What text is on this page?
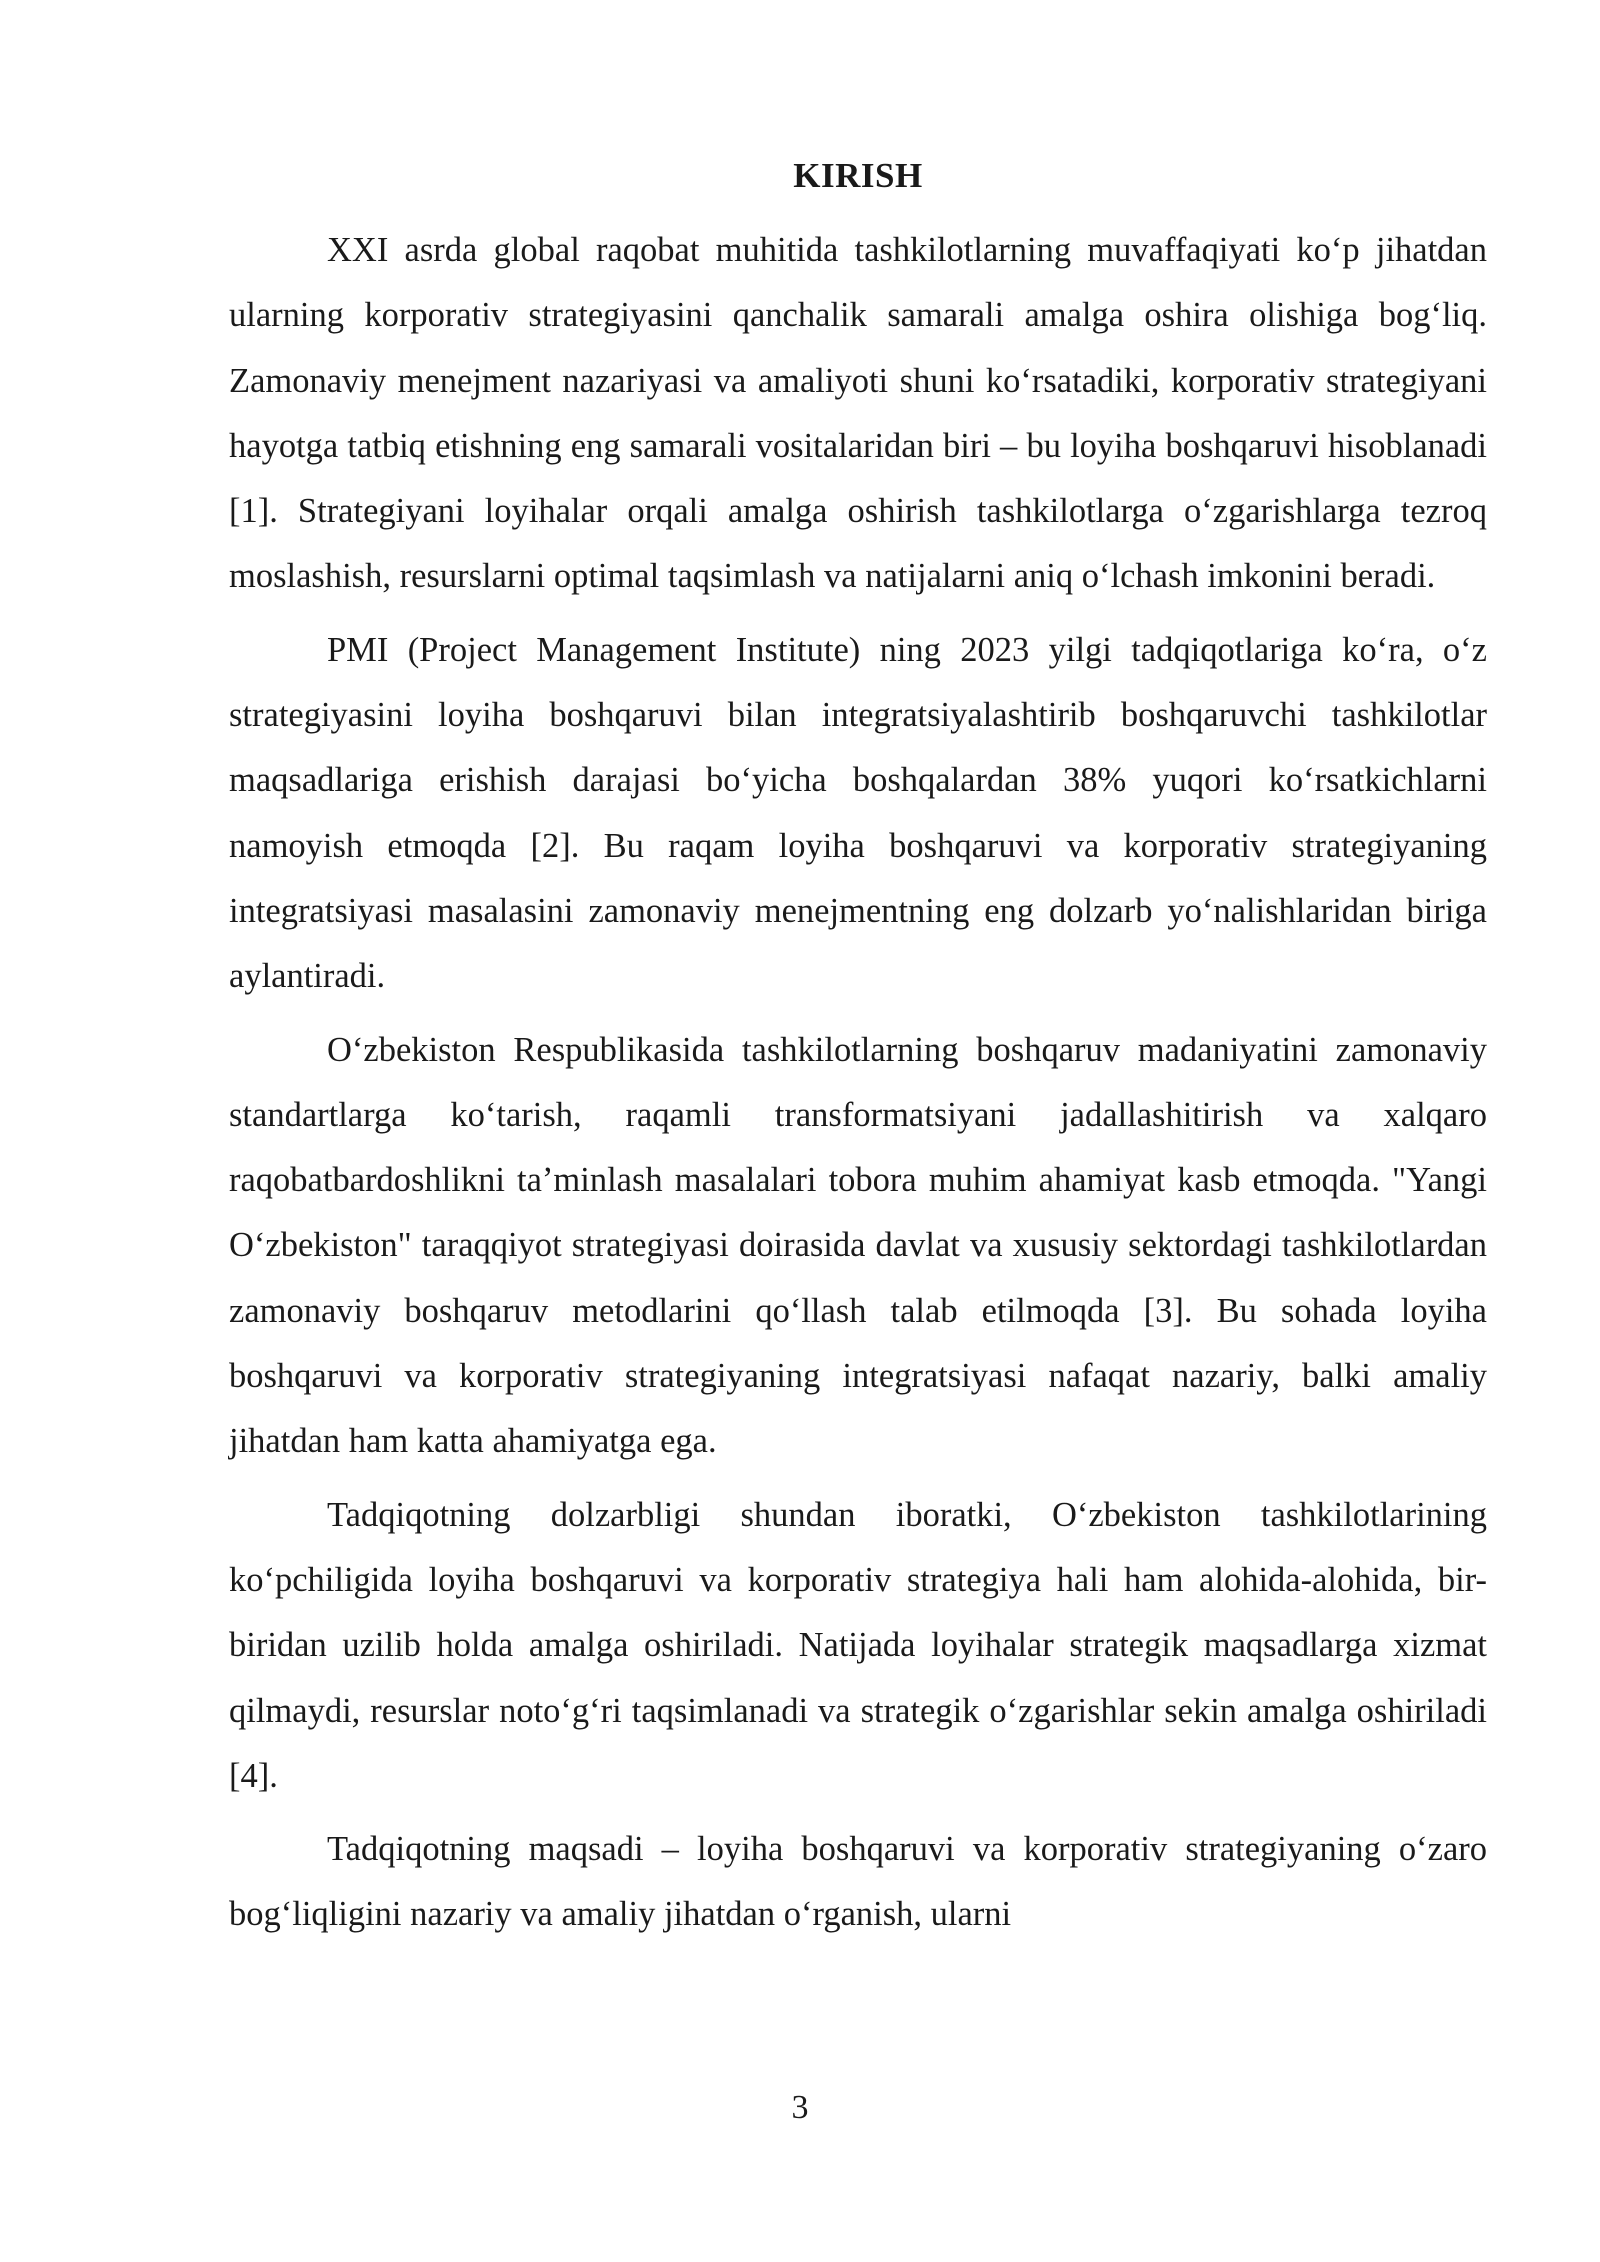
KIRISH

XXI asrda global raqobat muhitida tashkilotlarning muvaffaqiyati koʻp jihatdan ularning korporativ strategiyasini qanchalik samarali amalga oshira olishiga bogʻliq. Zamonaviy menejment nazariyasi va amaliyoti shuni koʻrsatadiki, korporativ strategiyani hayotga tatbiq etishning eng samarali vositalaridan biri – bu loyiha boshqaruvi hisoblanadi [1]. Strategiyani loyihalar orqali amalga oshirish tashkilotlarga oʻzgarishlarga tezroq moslashish, resurslarni optimal taqsimlash va natijalarni aniq oʻlchash imkonini beradi.

PMI (Project Management Institute) ning 2023 yilgi tadqiqotlariga koʻra, oʻz strategiyasini loyiha boshqaruvi bilan integratsiyalashtirib boshqaruvchi tashkilotlar maqsadlariga erishish darajasi boʻyicha boshqalardan 38% yuqori koʻrsatkichlarni namoyish etmoqda [2]. Bu raqam loyiha boshqaruvi va korporativ strategiyaning integratsiyasi masalasini zamonaviy menejmentning eng dolzarb yoʻnalishlaridan biriga aylantiradi.

Oʻzbekiston Respublikasida tashkilotlarning boshqaruv madaniyatini zamonaviy standartlarga koʻtarish, raqamli transformatsiyani jadallashitirish va xalqaro raqobatbardoshlikni taʼminlash masalalari tobora muhim ahamiyat kasb etmoqda. "Yangi Oʻzbekiston" taraqqiyot strategiyasi doirasida davlat va xususiy sektordagi tashkilotlardan zamonaviy boshqaruv metodlarini qoʻllash talab etilmoqda [3]. Bu sohada loyiha boshqaruvi va korporativ strategiyaning integratsiyasi nafaqat nazariy, balki amaliy jihatdan ham katta ahamiyatga ega.

Tadqiqotning dolzarbligi shundan iboratki, Oʻzbekiston tashkilotlarining koʻpchiligida loyiha boshqaruvi va korporativ strategiya hali ham alohida-alohida, bir-biridan uzilib holda amalga oshiriladi. Natijada loyihalar strategik maqsadlarga xizmat qilmaydi, resurslar notoʻgʻri taqsimlanadi va strategik oʻzgarishlar sekin amalga oshiriladi [4].

Tadqiqotning maqsadi – loyiha boshqaruvi va korporativ strategiyaning oʻzaro bogʻliqligini nazariy va amaliy jihatdan oʻrganish, ularni

3
